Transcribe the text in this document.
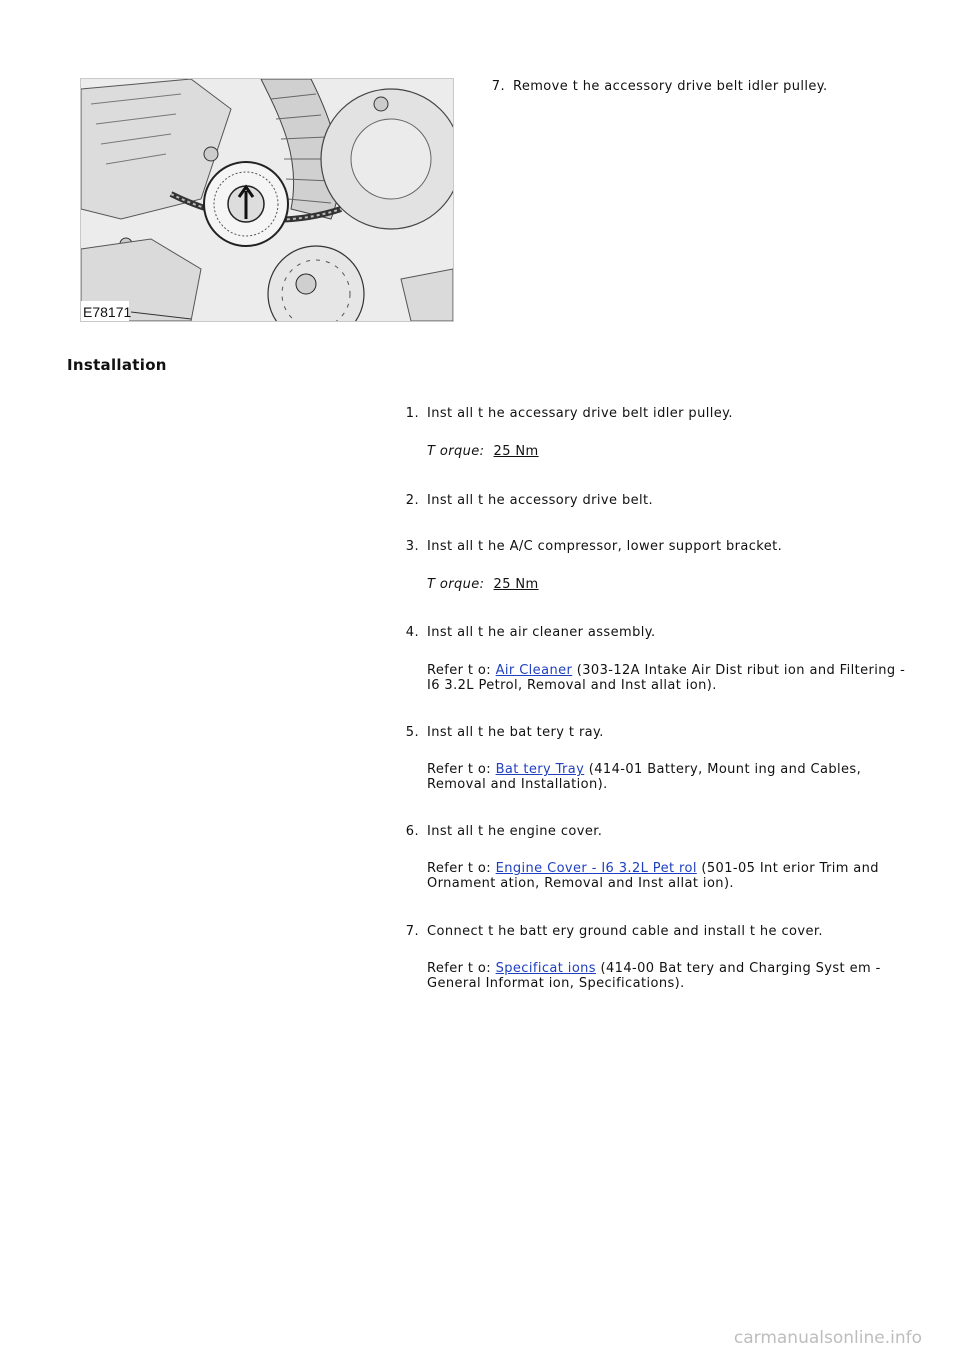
E78171
7. Remove t he accessory drive belt idler pulley.
Installation
1. Inst all t he accessary drive belt idler pulley.
T orque: 25 Nm
2. Inst all t he accessory drive belt.
3. Inst all t he A/C compressor, lower support bracket.
T orque: 25 Nm
4. Inst all t he air cleaner assembly.
Refer t o: Air Cleaner (303-12A Intake Air Dist ribut ion and Filtering -
I6 3.2L Petrol, Removal and Inst allat ion).
5. Inst all t he bat tery t ray.
Refer t o: Bat tery Tray (414-01 Battery, Mount ing and Cables,
Removal and Installation).
6. Inst all t he engine cover.
Refer t o: Engine Cover - I6 3.2L Pet rol (501-05 Int erior Trim and
Ornament ation, Removal and Inst allat ion).
7. Connect t he batt ery ground cable and install t he cover.
Refer t o: Specificat ions (414-00 Bat tery and Charging Syst em -
General Informat ion, Specifications).
carmanualsonline.info
